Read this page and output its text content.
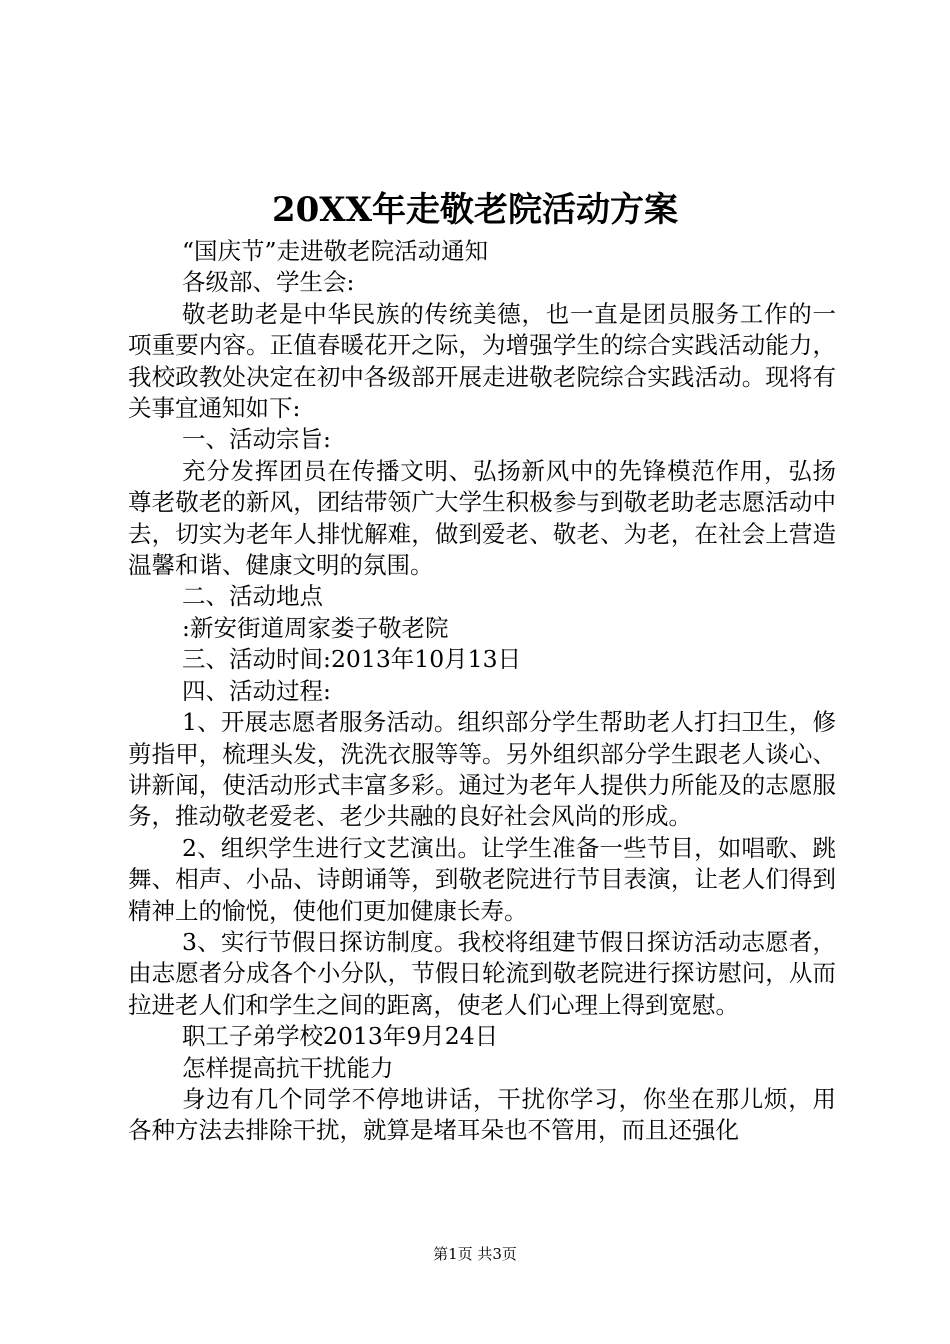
20XX年走敬老院活动方案

“国庆节”走进敬老院活动通知

各级部、学生会:

敬老助老是中华民族的传统美德，也一直是团员服务工作的一项重要内容。正值春暖花开之际，为增强学生的综合实践活动能力，我校政教处决定在初中各级部开展走进敬老院综合实践活动。现将有关事宜通知如下:

一、活动宗旨:

充分发挥团员在传播文明、弘扬新风中的先锋模范作用，弘扬尊老敬老的新风，团结带领广大学生积极参与到敬老助老志愿活动中去，切实为老年人排忧解难，做到爱老、敬老、为老，在社会上营造温馨和谐、健康文明的氛围。

二、活动地点

:新安街道周家娄子敬老院

三、活动时间:2013年10月13日

四、活动过程:

1、开展志愿者服务活动。组织部分学生帮助老人打扫卫生，修剪指甲，梳理头发，洗洗衣服等等。另外组织部分学生跟老人谈心、讲新闻，使活动形式丰富多彩。通过为老年人提供力所能及的志愿服务，推动敬老爱老、老少共融的良好社会风尚的形成。

2、组织学生进行文艺演出。让学生准备一些节目，如唱歌、跳舞、相声、小品、诗朗诵等，到敬老院进行节目表演，让老人们得到精神上的愉悦，使他们更加健康长寿。

3、实行节假日探访制度。我校将组建节假日探访活动志愿者，由志愿者分成各个小分队，节假日轮流到敬老院进行探访慰问，从而拉进老人们和学生之间的距离，使老人们心理上得到宽慰。

职工子弟学校2013年9月24日

怎样提高抗干扰能力

身边有几个同学不停地讲话，干扰你学习，你坐在那儿烦，用各种方法去排除干扰，就算是堵耳朵也不管用，而且还强化

第1页 共3页
